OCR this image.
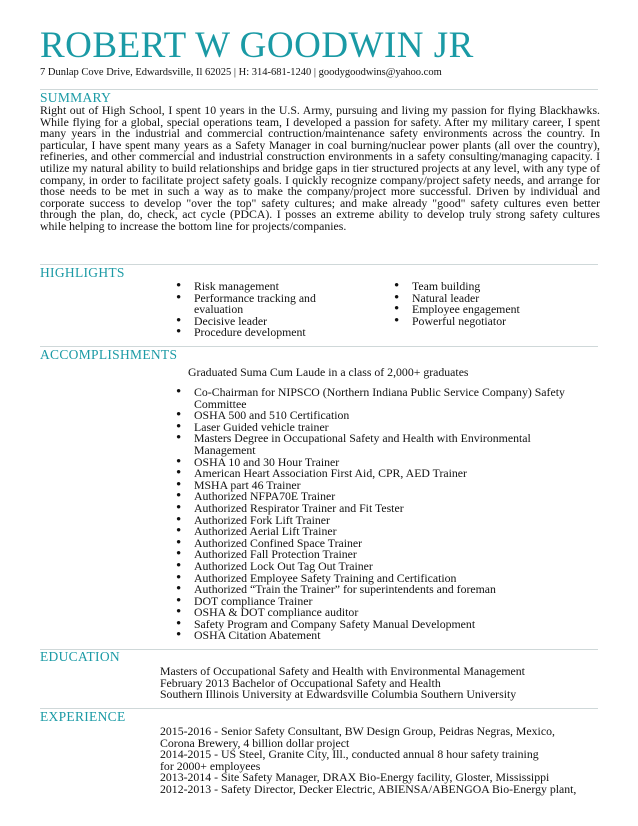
ROBERT W GOODWIN JR
7 Dunlap Cove Drive, Edwardsville, Il 62025 | H: 314-681-1240 | goodygoodwins@yahoo.com
SUMMARY
Right out of High School, I spent 10 years in the U.S. Army, pursuing and living my passion for flying Blackhawks. While flying for a global, special operations team, I developed a passion for safety. After my military career, I spent many years in the industrial and commercial contruction/maintenance safety environments across the country. In particular, I have spent many years as a Safety Manager in coal burning/nuclear power plants (all over the country), refineries, and other commercial and industrial construction environments in a safety consulting/managing capacity. I utilize my natural ability to build relationships and bridge gaps in tier structured projects at any level, with any type of company, in order to facilitate project safety goals. I quickly recognize company/project safety needs, and arrange for those needs to be met in such a way as to make the company/project more successful. Driven by individual and corporate success to develop "over the top" safety cultures; and make already "good" safety cultures even better through the plan, do, check, act cycle (PDCA). I posses an extreme ability to develop truly strong safety cultures while helping to increase the bottom line for projects/companies.
HIGHLIGHTS
• Risk management
• Performance tracking and evaluation
• Decisive leader
• Procedure development
• Team building
• Natural leader
• Employee engagement
• Powerful negotiator
ACCOMPLISHMENTS
Graduated Suma Cum Laude in a class of 2,000+ graduates
• Co-Chairman for NIPSCO (Northern Indiana Public Service Company) Safety Committee
• OSHA 500 and 510 Certification
• Laser Guided vehicle trainer
• Masters Degree in Occupational Safety and Health with Environmental Management
• OSHA 10 and 30 Hour Trainer
• American Heart Association First Aid, CPR, AED Trainer
• MSHA part 46 Trainer
• Authorized NFPA70E Trainer
• Authorized Respirator Trainer and Fit Tester
• Authorized Fork Lift Trainer
• Authorized Aerial Lift Trainer
• Authorized Confined Space Trainer
• Authorized Fall Protection Trainer
• Authorized Lock Out Tag Out Trainer
• Authorized Employee Safety Training and Certification
• Authorized “Train the Trainer” for superintendents and foreman
• DOT compliance Trainer
• OSHA & DOT compliance auditor
• Safety Program and Company Safety Manual Development
• OSHA Citation Abatement
EDUCATION
Masters of Occupational Safety and Health with Environmental Management
February 2013 Bachelor of Occupational Safety and Health
Southern Illinois University at Edwardsville Columbia Southern University
EXPERIENCE
2015-2016 - Senior Safety Consultant, BW Design Group, Peidras Negras, Mexico,
Corona Brewery, 4 billion dollar project
2014-2015 - US Steel, Granite City, Ill., conducted annual 8 hour safety training
for 2000+ employees
2013-2014 - Site Safety Manager, DRAX Bio-Energy facility, Gloster, Mississippi
2012-2013 - Safety Director, Decker Electric, ABIENSA/ABENGOA Bio-Energy plant,
